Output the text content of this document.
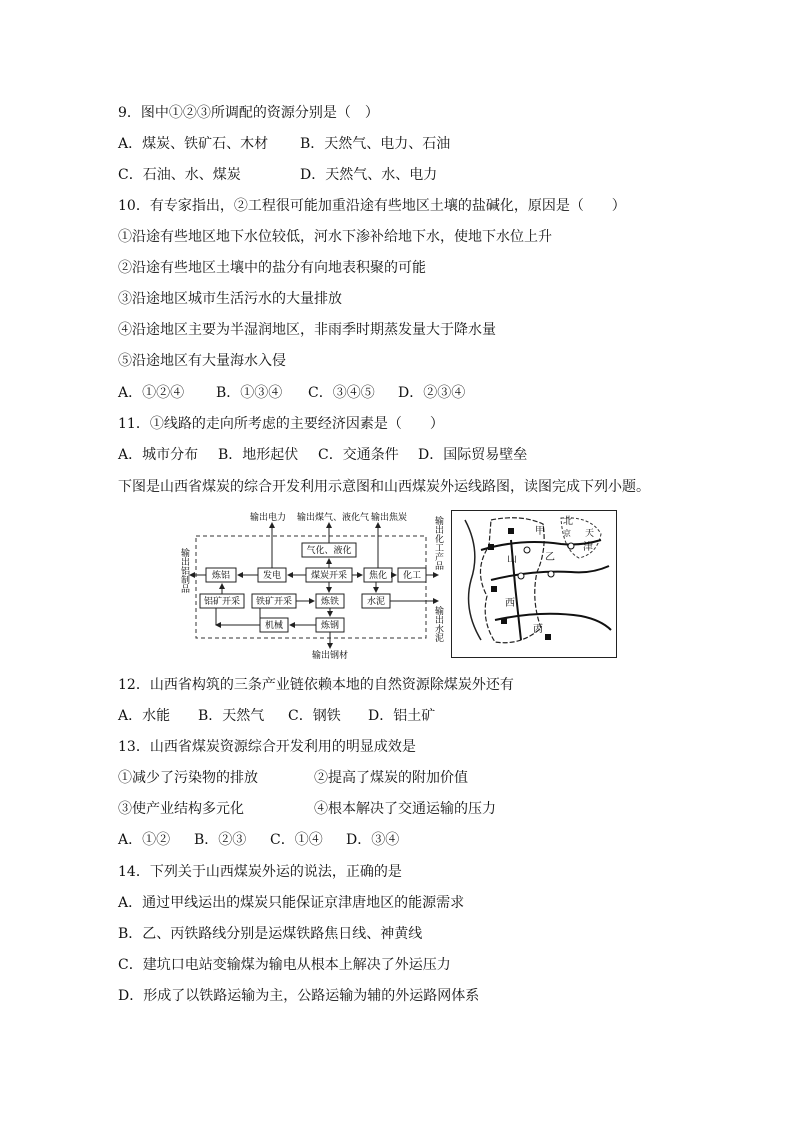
9．图中①②③所调配的资源分别是（　）
A．煤炭、铁矿石、木材 B．天然气、电力、石油
C．石油、水、煤炭	D．天然气、水、电力
10．有专家指出，②工程很可能加重沿途有些地区土壤的盐碱化，原因是（　　）
①沿途有些地区地下水位较低，河水下渗补给地下水，使地下水位上升
②沿途有些地区土壤中的盐分有向地表积聚的可能
③沿途地区城市生活污水的大量排放
④沿途地区主要为半湿润地区，非雨季时期蒸发量大于降水量
⑤沿途地区有大量海水入侵
A．①②④ B．①③④ C．③④⑤ D．②③④
11．①线路的走向所考虑的主要经济因素是（　　）
A．城市分布 B．地形起伏 C．交通条件 D．国际贸易壁垒
下图是山西省煤炭的综合开发利用示意图和山西煤炭外运线路图，读图完成下列小题。
输出电力 输出煤气、液化气 输出焦炭
气化、液化
炼铝	发电	煤炭开采 焦化 化工
铝矿开采 铁矿开采	炼铁	水泥
机械	炼钢
输出铝制品
输出化工产品
输出水泥
输出钢材
甲
乙
丙
山
西
北
京 天
津
12．山西省构筑的三条产业链依赖本地的自然资源除煤炭外还有
A．水能 B．天然气 C．钢铁 D．铝土矿
13．山西省煤炭资源综合开发利用的明显成效是
①减少了污染物的排放	②提高了煤炭的附加价值
③使产业结构多元化	④根本解决了交通运输的压力
A．①② B．②③ C．①④ D．③④
14．下列关于山西煤炭外运的说法，正确的是
A．通过甲线运出的煤炭只能保证京津唐地区的能源需求
B．乙、丙铁路线分别是运煤铁路焦日线、神黄线
C．建坑口电站变输煤为输电从根本上解决了外运压力
D．形成了以铁路运输为主，公路运输为辅的外运路网体系
